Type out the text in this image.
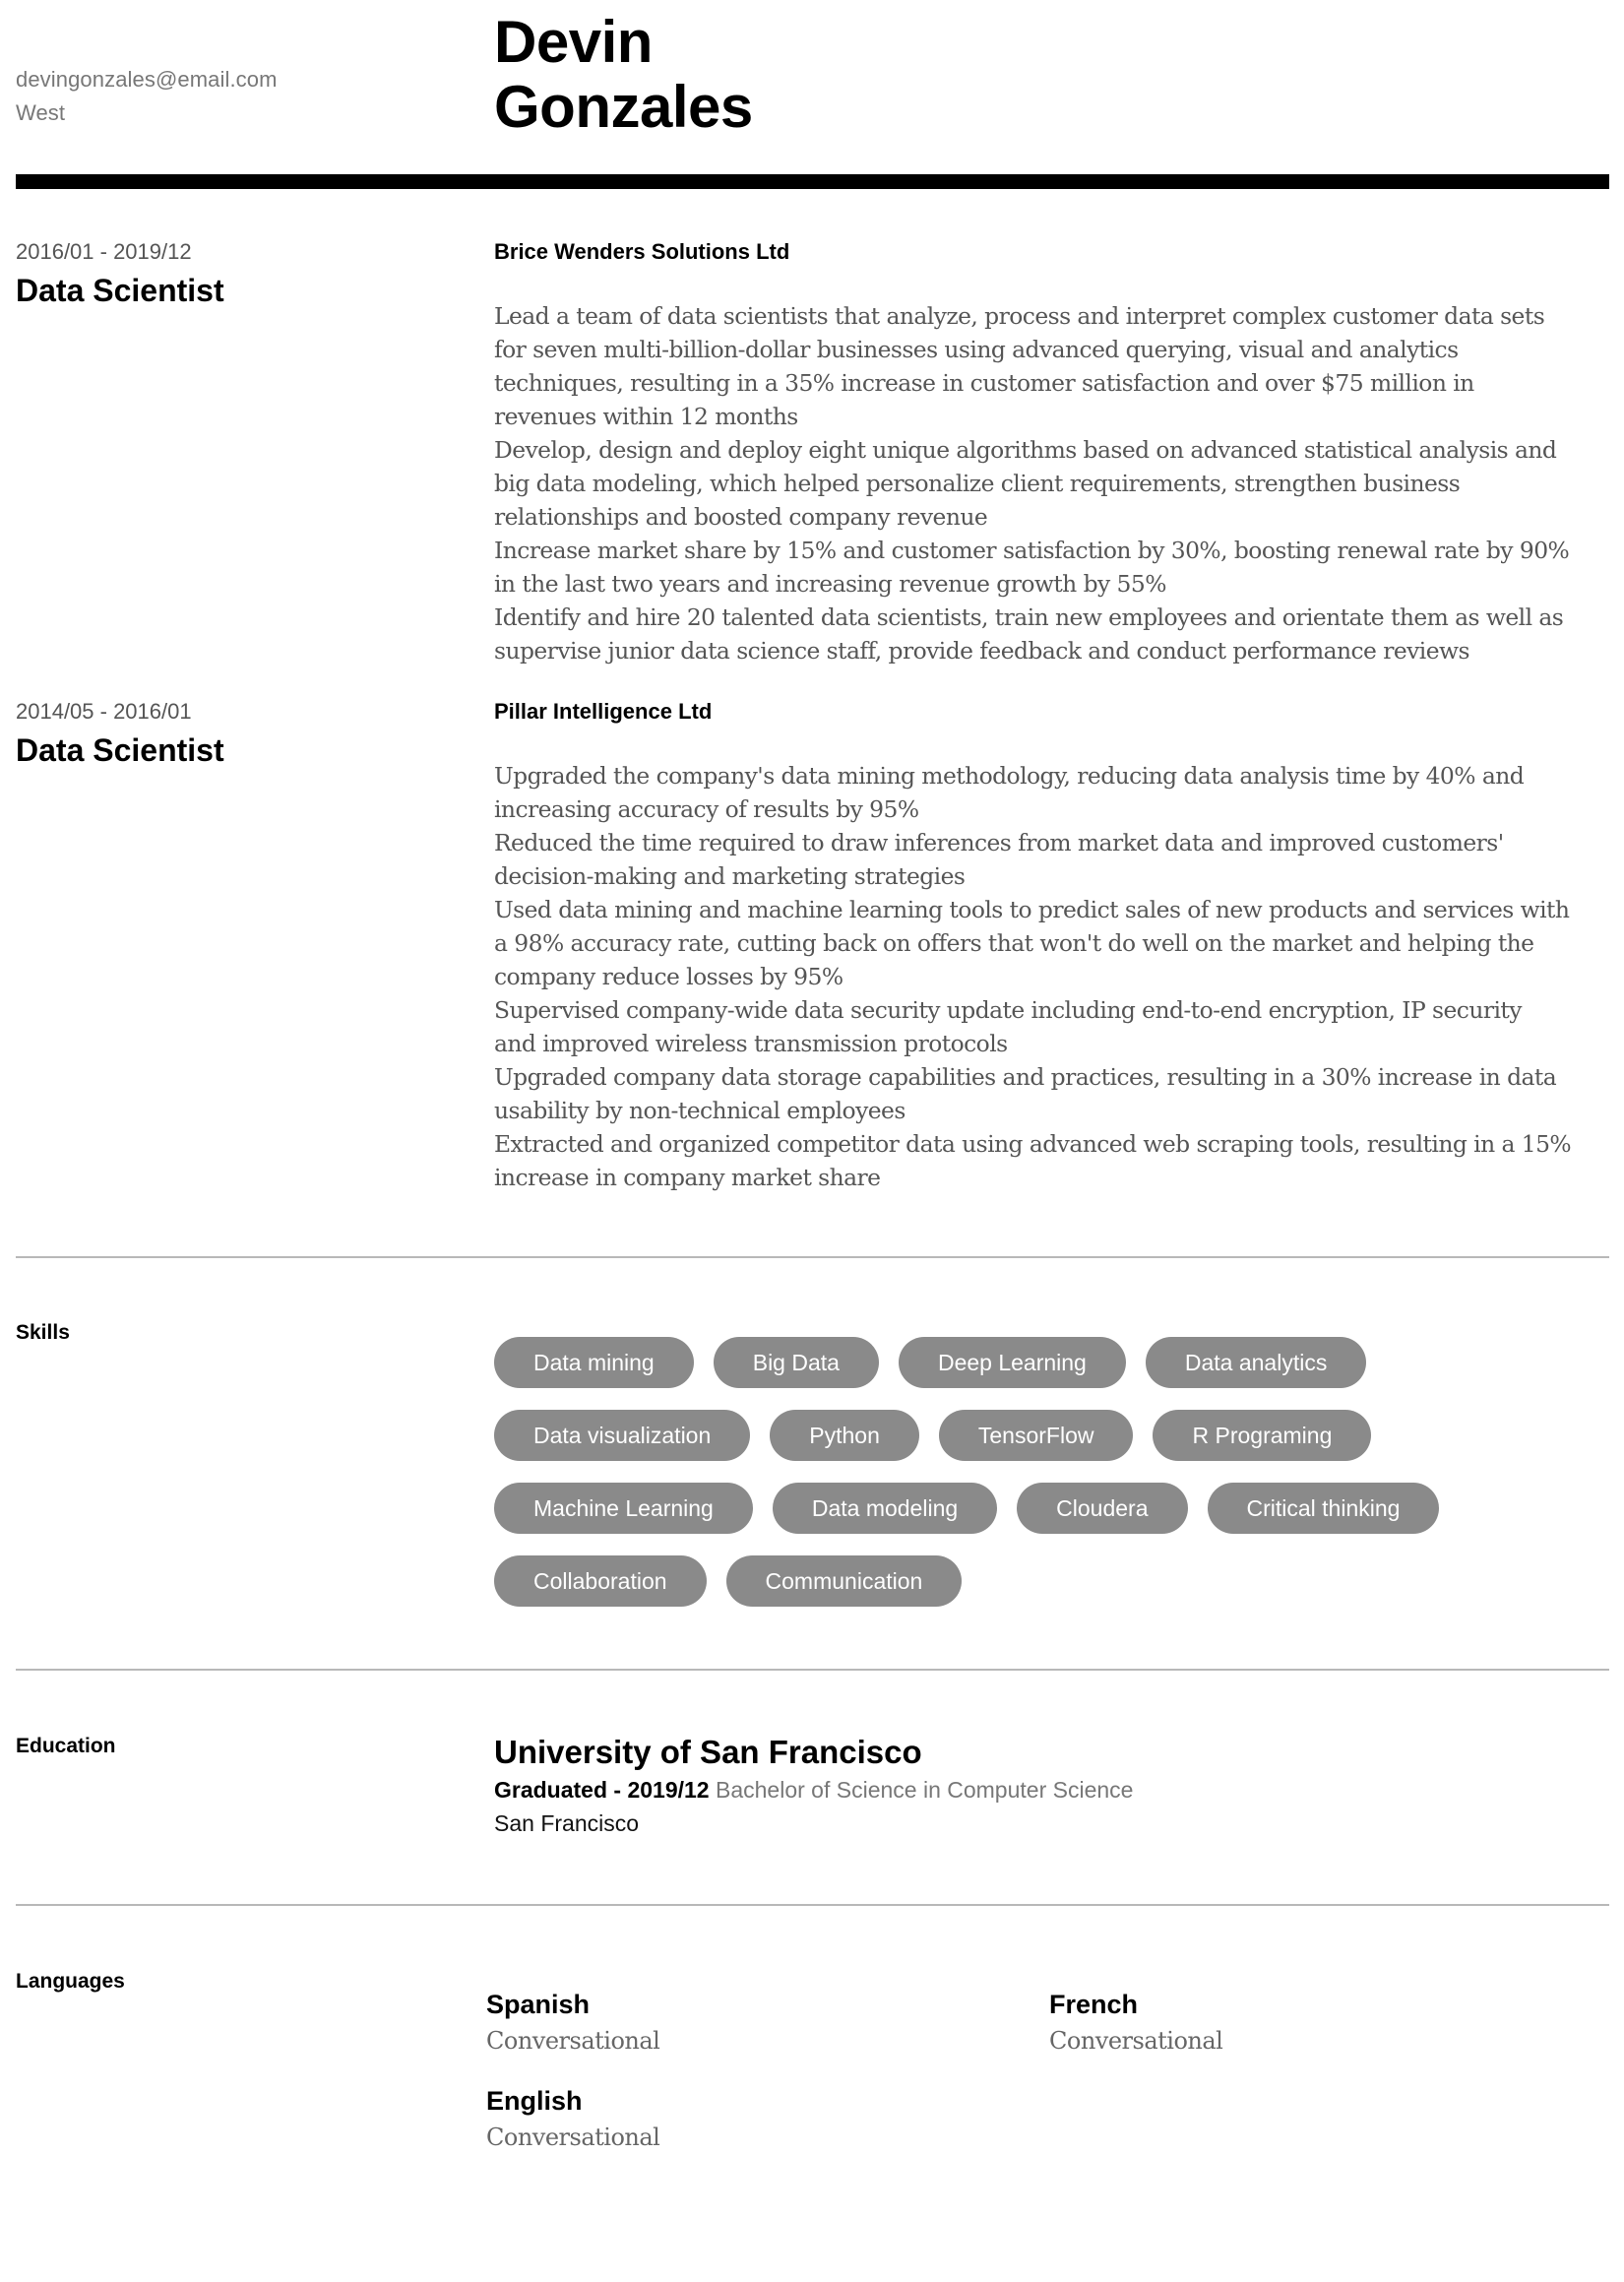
devingonzales@email.com
West
Devin
Gonzales
2016/01 - 2019/12
Data Scientist
Brice Wenders Solutions Ltd
Lead a team of data scientists that analyze, process and interpret complex customer data sets
for seven multi-billion-dollar businesses using advanced querying, visual and analytics
techniques, resulting in a 35% increase in customer satisfaction and over $75 million in
revenues within 12 months
Develop, design and deploy eight unique algorithms based on advanced statistical analysis and
big data modeling, which helped personalize client requirements, strengthen business
relationships and boosted company revenue
Increase market share by 15% and customer satisfaction by 30%, boosting renewal rate by 90%
in the last two years and increasing revenue growth by 55%
Identify and hire 20 talented data scientists, train new employees and orientate them as well as
supervise junior data science staff, provide feedback and conduct performance reviews
2014/05 - 2016/01
Data Scientist
Pillar Intelligence Ltd
Upgraded the company's data mining methodology, reducing data analysis time by 40% and
increasing accuracy of results by 95%
Reduced the time required to draw inferences from market data and improved customers'
decision-making and marketing strategies
Used data mining and machine learning tools to predict sales of new products and services with
a 98% accuracy rate, cutting back on offers that won't do well on the market and helping the
company reduce losses by 95%
Supervised company-wide data security update including end-to-end encryption, IP security
and improved wireless transmission protocols
Upgraded company data storage capabilities and practices, resulting in a 30% increase in data
usability by non-technical employees
Extracted and organized competitor data using advanced web scraping tools, resulting in a 15%
increase in company market share
Skills
Data mining	Big Data	Deep Learning	Data analytics
Data visualization	Python	TensorFlow	R Programing
Machine Learning	Data modeling	Cloudera	Critical thinking
Collaboration	Communication
Education	University of San Francisco
Graduated - 2019/12 Bachelor of Science in Computer Science
San Francisco
Languages
Spanish
Conversational
French
Conversational
English
Conversational
